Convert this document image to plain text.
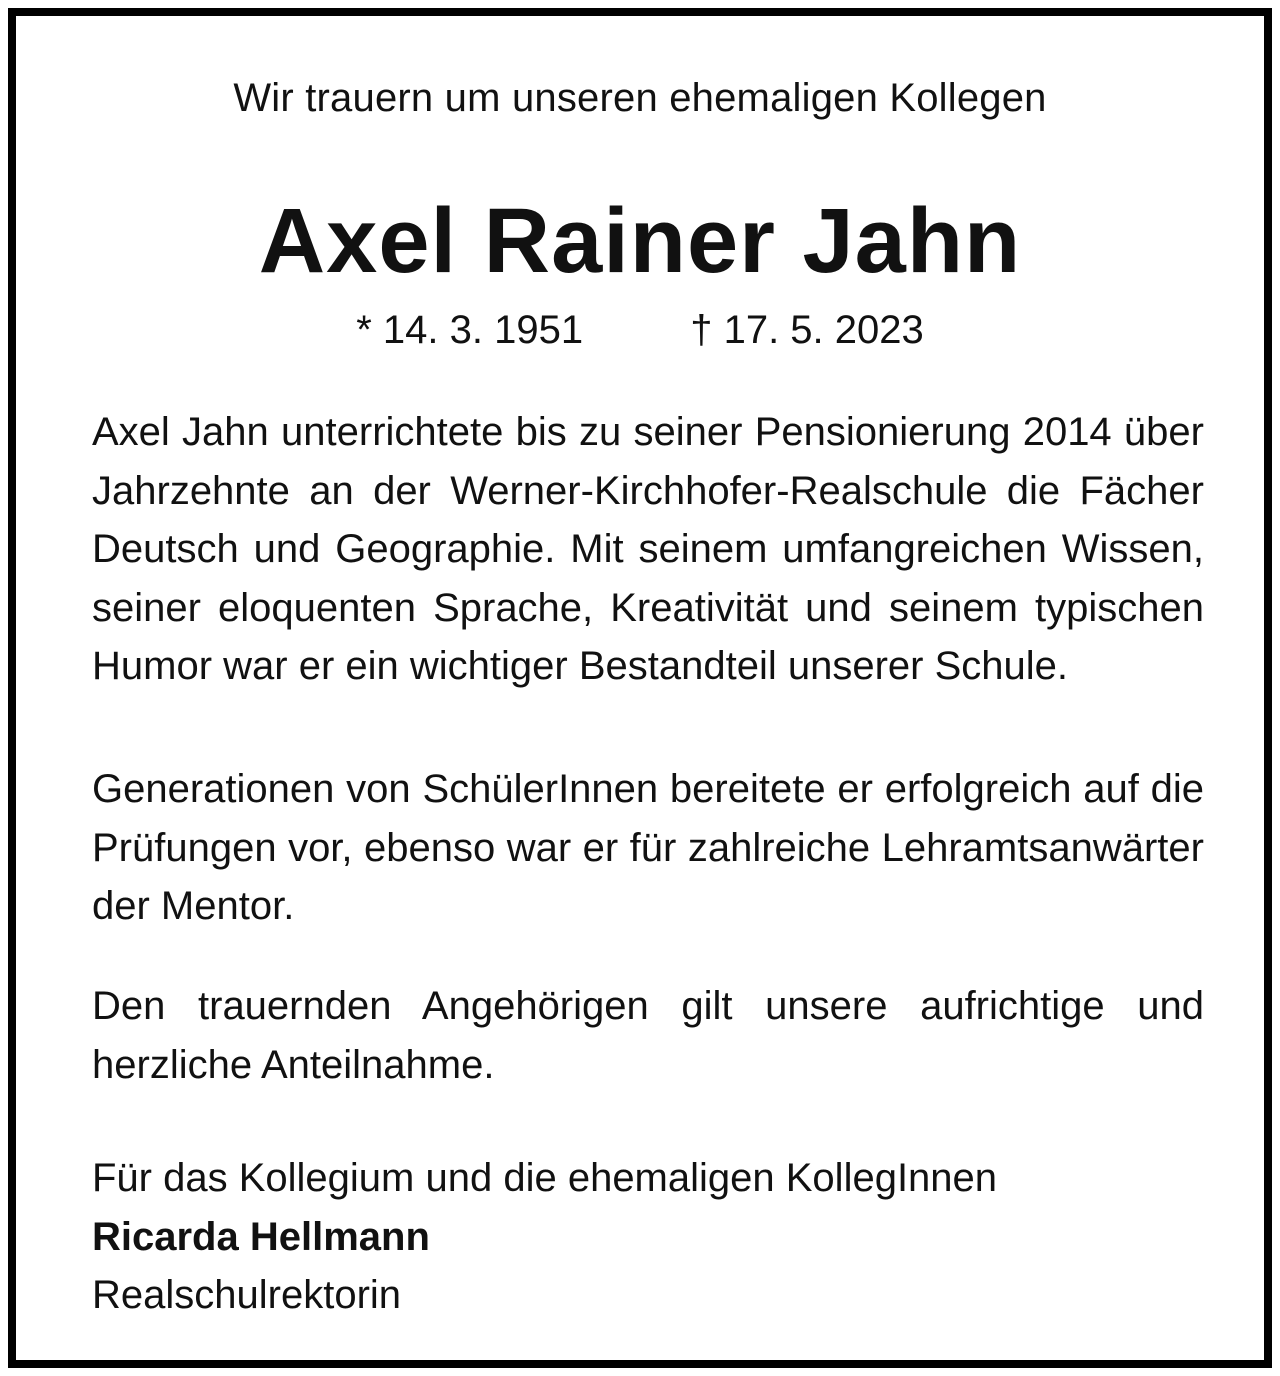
Wir trauern um unseren ehemaligen Kollegen
Axel Rainer Jahn
* 14. 3. 1951	† 17. 5. 2023
Axel Jahn unterrichtete bis zu seiner Pensionierung 2014 über Jahrzehnte an der Werner-Kirchhofer-Realschule die Fächer Deutsch und Geographie. Mit seinem umfangreichen Wissen, seiner eloquenten Sprache, Kreativität und seinem typischen Humor war er ein wichtiger Bestandteil unserer Schule.
Generationen von SchülerInnen bereitete er erfolgreich auf die Prüfungen vor, ebenso war er für zahlreiche Lehramtsanwärter der Mentor.
Den trauernden Angehörigen gilt unsere aufrichtige und herzliche Anteilnahme.
Für das Kollegium und die ehemaligen KollegInnen
Ricarda Hellmann
Realschulrektorin
